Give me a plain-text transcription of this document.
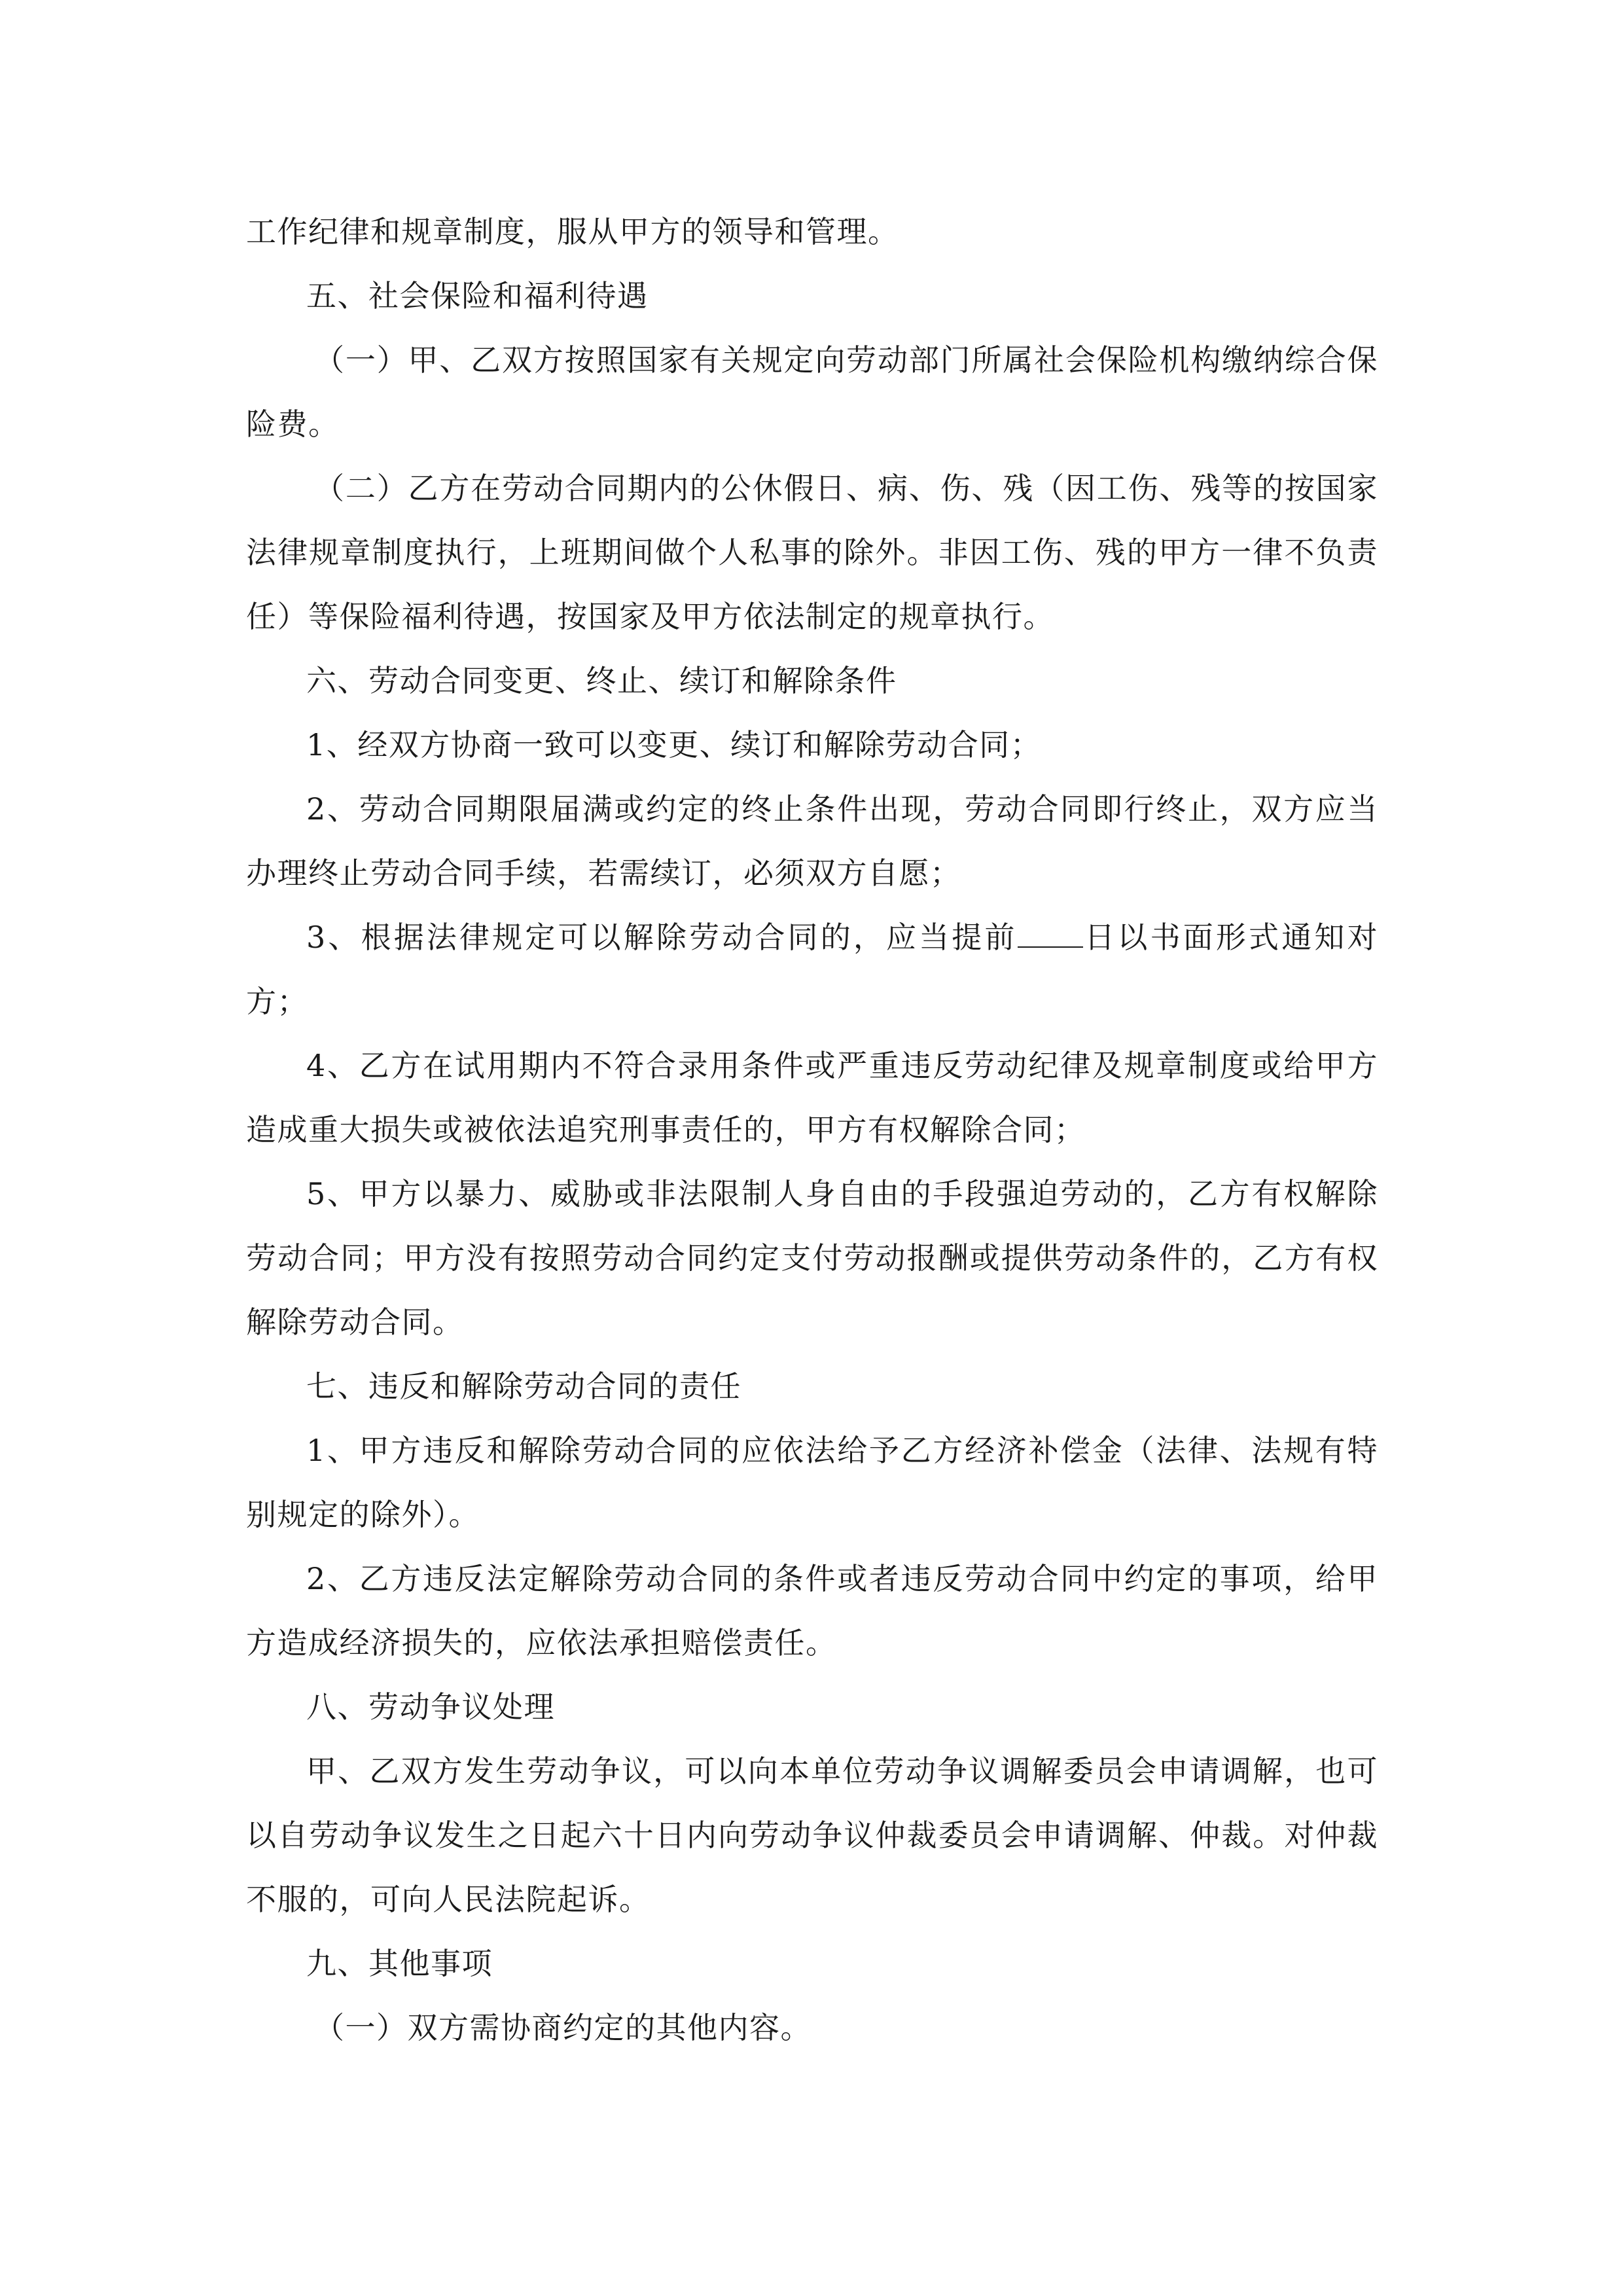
工作纪律和规章制度，服从甲方的领导和管理。

五、社会保险和福利待遇

（一）甲、乙双方按照国家有关规定向劳动部门所属社会保险机构缴纳综合保险费。

（二）乙方在劳动合同期内的公休假日、病、伤、残（因工伤、残等的按国家法律规章制度执行，上班期间做个人私事的除外。非因工伤、残的甲方一律不负责任）等保险福利待遇，按国家及甲方依法制定的规章执行。

六、劳动合同变更、终止、续订和解除条件

1、经双方协商一致可以变更、续订和解除劳动合同；

2、劳动合同期限届满或约定的终止条件出现，劳动合同即行终止，双方应当办理终止劳动合同手续，若需续订，必须双方自愿；

3、根据法律规定可以解除劳动合同的，应当提前 日以书面形式通知对方；

4、乙方在试用期内不符合录用条件或严重违反劳动纪律及规章制度或给甲方造成重大损失或被依法追究刑事责任的，甲方有权解除合同；

5、甲方以暴力、威胁或非法限制人身自由的手段强迫劳动的，乙方有权解除劳动合同；甲方没有按照劳动合同约定支付劳动报酬或提供劳动条件的，乙方有权解除劳动合同。

七、违反和解除劳动合同的责任

1、甲方违反和解除劳动合同的应依法给予乙方经济补偿金（法律、法规有特别规定的除外）。

2、乙方违反法定解除劳动合同的条件或者违反劳动合同中约定的事项，给甲方造成经济损失的，应依法承担赔偿责任。

八、劳动争议处理

甲、乙双方发生劳动争议，可以向本单位劳动争议调解委员会申请调解，也可以自劳动争议发生之日起六十日内向劳动争议仲裁委员会申请调解、仲裁。对仲裁不服的，可向人民法院起诉。

九、其他事项

（一）双方需协商约定的其他内容。
